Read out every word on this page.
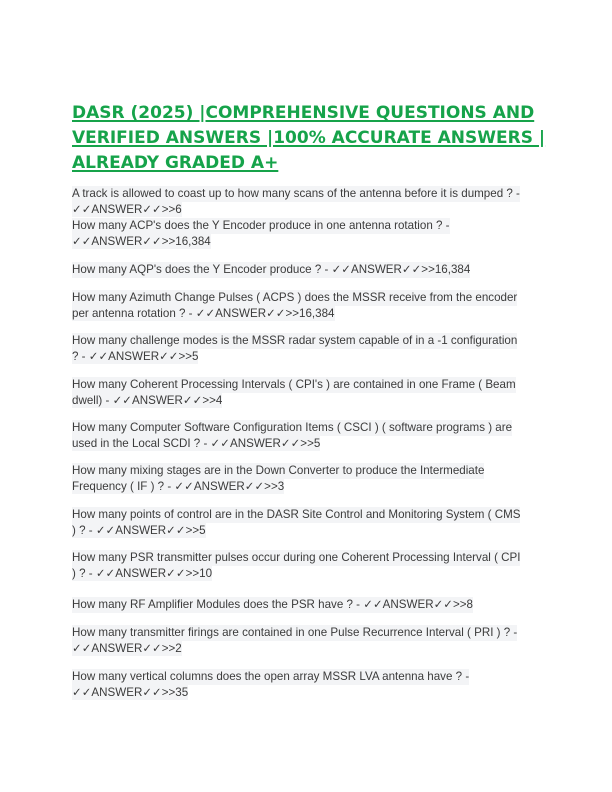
DASR (2025) |COMPREHENSIVE QUESTIONS AND
VERIFIED ANSWERS |100% ACCURATE ANSWERS |
ALREADY GRADED A+

A track is allowed to coast up to how many scans of the antenna before it is dumped ? -
✓✓ANSWER✓✓>>6

How many ACP's does the Y Encoder produce in one antenna rotation ? -
✓✓ANSWER✓✓>>16,384

How many AQP's does the Y Encoder produce ? - ✓✓ANSWER✓✓>>16,384

How many Azimuth Change Pulses ( ACPS ) does the MSSR receive from the encoder
per antenna rotation ? - ✓✓ANSWER✓✓>>16,384

How many challenge modes is the MSSR radar system capable of in a -1 configuration
? - ✓✓ANSWER✓✓>>5

How many Coherent Processing Intervals ( CPI's ) are contained in one Frame ( Beam
dwell) - ✓✓ANSWER✓✓>>4

How many Computer Software Configuration Items ( CSCI ) ( software programs ) are
used in the Local SCDI ? - ✓✓ANSWER✓✓>>5

How many mixing stages are in the Down Converter to produce the Intermediate
Frequency ( IF ) ? - ✓✓ANSWER✓✓>>3

How many points of control are in the DASR Site Control and Monitoring System ( CMS
) ? - ✓✓ANSWER✓✓>>5

How many PSR transmitter pulses occur during one Coherent Processing Interval ( CPI
) ? - ✓✓ANSWER✓✓>>10

How many RF Amplifier Modules does the PSR have ? - ✓✓ANSWER✓✓>>8

How many transmitter firings are contained in one Pulse Recurrence Interval ( PRI ) ? -
✓✓ANSWER✓✓>>2

How many vertical columns does the open array MSSR LVA antenna have ? -
✓✓ANSWER✓✓>>35
